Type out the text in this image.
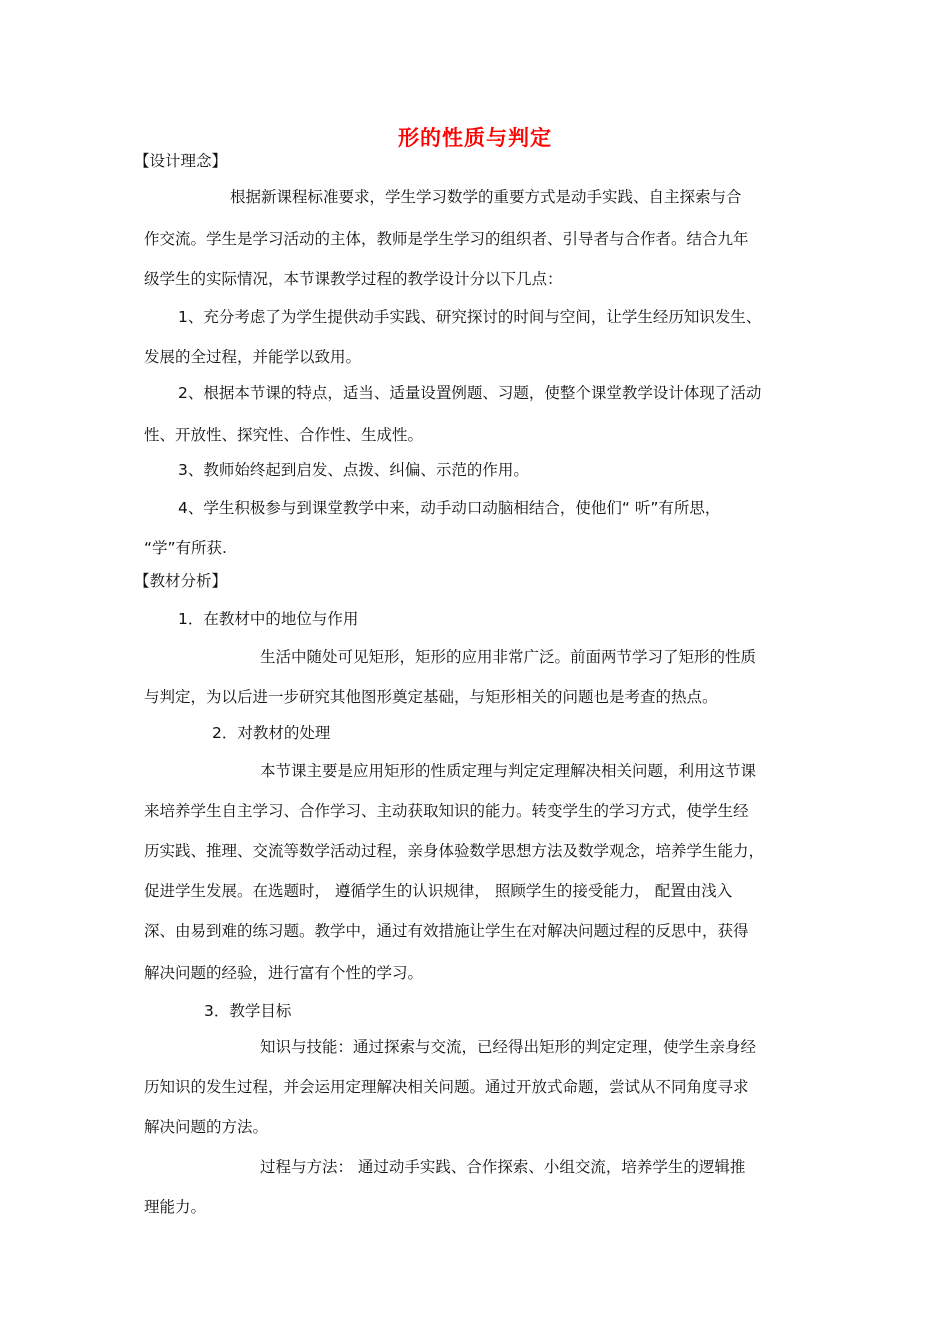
形的性质与判定
【设计理念】
根据新课程标准要求，学生学习数学的重要方式是动手实践、自主探索与合
作交流。学生是学习活动的主体，教师是学生学习的组织者、引导者与合作者。结合九年
级学生的实际情况，本节课教学过程的教学设计分以下几点：
1、充分考虑了为学生提供动手实践、研究探讨的时间与空间，让学生经历知识发生、
发展的全过程，并能学以致用。
2、根据本节课的特点，适当、适量设置例题、习题，使整个课堂教学设计体现了活动
性、开放性、探究性、合作性、生成性。
3、教师始终起到启发、点拨、纠偏、示范的作用。
4、学生积极参与到课堂教学中来，动手动口动脑相结合，使他们“ 听”有所思，
“学”有所获.
【教材分析】
1．在教材中的地位与作用
生活中随处可见矩形，矩形的应用非常广泛。前面两节学习了矩形的性质
与判定，为以后进一步研究其他图形奠定基础，与矩形相关的问题也是考查的热点。
2．对教材的处理
本节课主要是应用矩形的性质定理与判定定理解决相关问题，利用这节课
来培养学生自主学习、合作学习、主动获取知识的能力。转变学生的学习方式，使学生经
历实践、推理、交流等数学活动过程，亲身体验数学思想方法及数学观念，培养学生能力，
促进学生发展。在选题时， 遵循学生的认识规律， 照顾学生的接受能力， 配置由浅入
深、由易到难的练习题。教学中，通过有效措施让学生在对解决问题过程的反思中，获得
解决问题的经验，进行富有个性的学习。
3．教学目标
知识与技能：通过探索与交流，已经得出矩形的判定定理，使学生亲身经
历知识的发生过程，并会运用定理解决相关问题。通过开放式命题，尝试从不同角度寻求
解决问题的方法。
过程与方法： 通过动手实践、合作探索、小组交流，培养学生的逻辑推
理能力。
